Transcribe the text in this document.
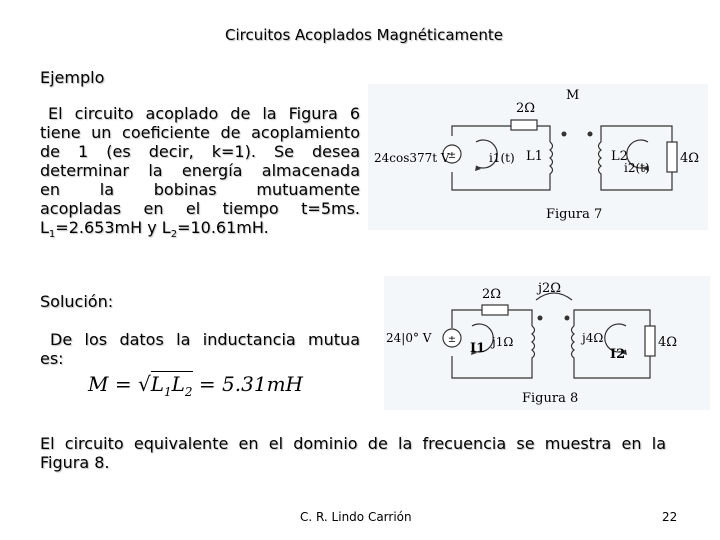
Circuitos Acoplados Magnéticamente
Ejemplo
El circuito acoplado de la Figura 6
tiene un coeficiente de acoplamiento
de 1 (es decir, k=1). Se desea
determinar la energía almacenada
en la bobinas mutuamente
acopladas en el tiempo t=5ms.
$L_1=2.653mH$ y $L_2=10.61mH$.
Solución:
De los datos la inductancia mutua
es:
$M = √L_1L_2 = 5.31mH$
El circuito equivalente en el dominio de la frecuencia se muestra en la
Figura 8.
±
2Ω
M
24cos377t V	i1(t) L1	L2
i2(t)
4Ω
Figura 7
±
2Ω	j2Ω
24|0° V
I1 j1Ω	j4Ω
I2
4Ω
Figura 8
C. R. Lindo Carrión	22
